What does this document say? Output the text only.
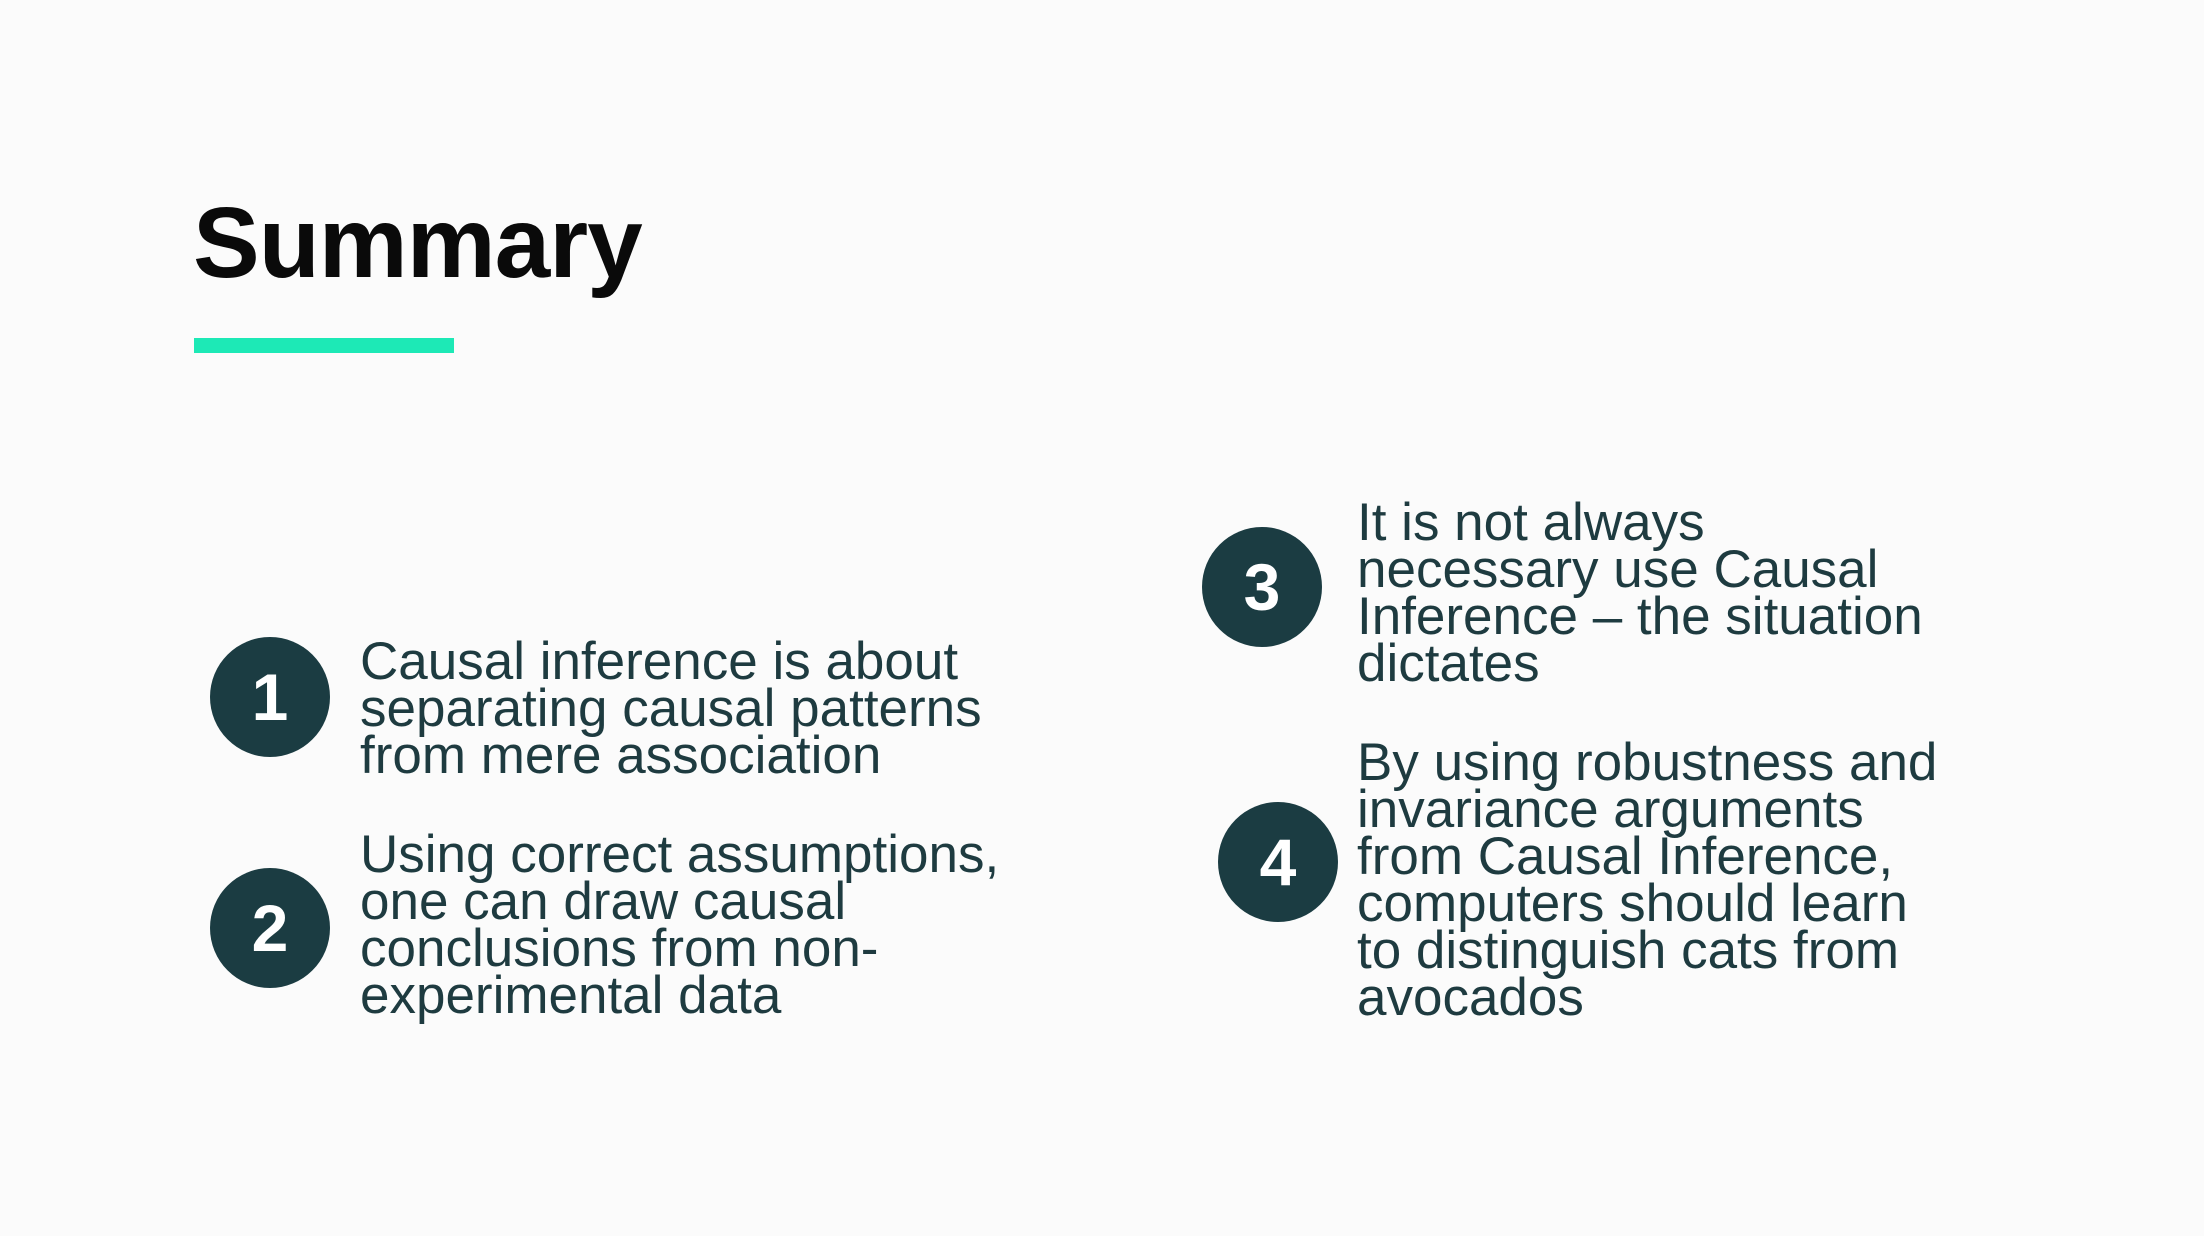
Summary
1	Causal inference is about
separating causal patterns
from mere association

2

Using correct assumptions,
one can draw causal
conclusions from non-
experimental data

3

It is not always
necessary use Causal
Inference – the situation
dictates

4

By using robustness and
invariance arguments
from Causal Inference,
computers should learn
to distinguish cats from
avocados
